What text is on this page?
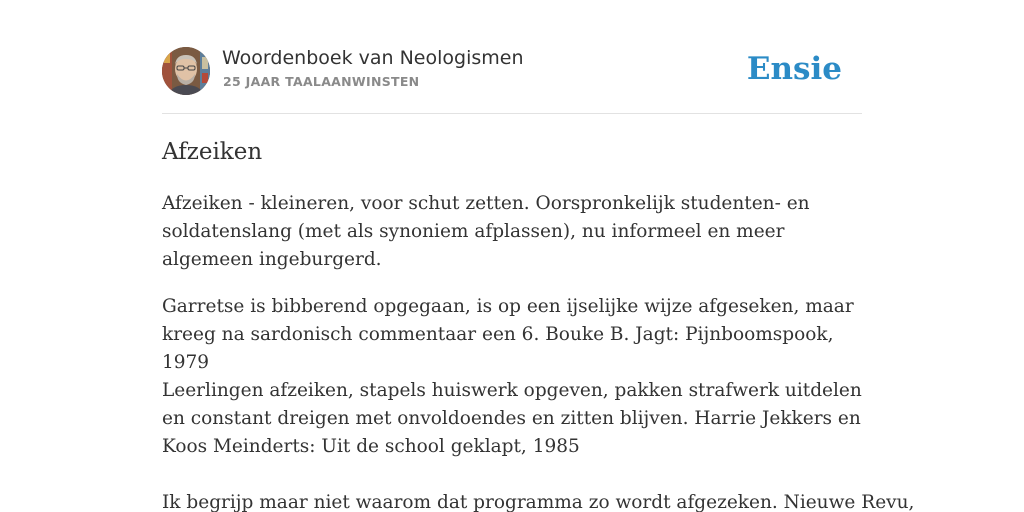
Woordenboek van Neologismen
25 JAAR TAALAANWINSTEN	Ensie
Afzeiken

Afzeiken - kleineren, voor schut zetten. Oorspronkelijk studenten- en soldatenslang (met als synoniem afplassen), nu informeel en meer algemeen ingeburgerd.

Garretse is bibberend opgegaan, is op een ijselijke wijze afgeseken, maar kreeg na sardonisch commentaar een 6. Bouke B. Jagt: Pijnboomspook, 1979

Leerlingen afzeiken, stapels huiswerk opgeven, pakken strafwerk uitdelen en constant dreigen met onvoldoendes en zitten blijven. Harrie Jekkers en Koos Meinderts: Uit de school geklapt, 1985

Ik begrijp maar niet waarom dat programma zo wordt afgezeken. Nieuwe Revu,
